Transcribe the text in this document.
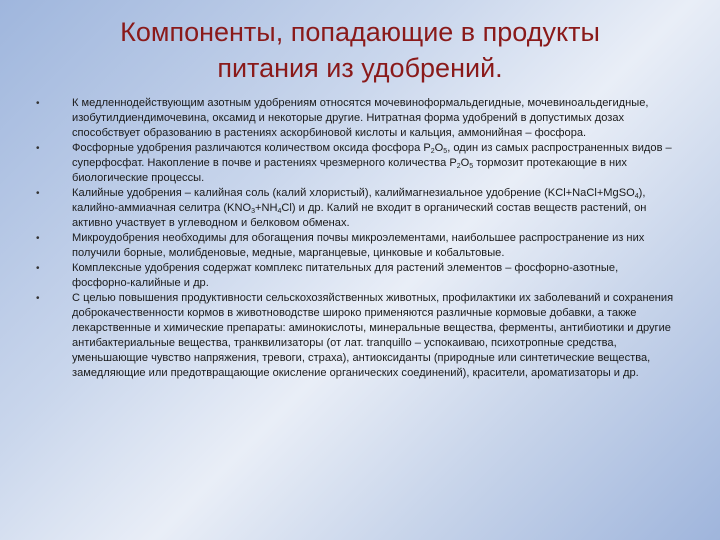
Компоненты, попадающие в продукты
питания из удобрений.
•	К медленнодействующим азотным удобрениям относятся мочевиноформальдегидные, мочевиноальдегидные, изобутилдиендимочевина, оксамид и некоторые другие. Нитратная форма удобрений в допустимых дозах способствует образованию в растениях аскорбиновой кислоты и кальция, аммонийная – фосфора.
•	Фосфорные удобрения различаются количеством оксида фосфора $P_2O_5$, один из самых распространенных видов – суперфосфат. Накопление в почве и растениях чрезмерного количества $P_2O_5$ тормозит протекающие в них биологические процессы.
•	Калийные удобрения – калийная соль (калий хлористый), калиймагнезиальное удобрение (KCl+NaCl+MgSO$_4$), калийно-аммиачная селитра $(KNO_3+NH_4Cl)$ и др. Калий не входит в органический состав веществ растений, он активно участвует в углеводном и белковом обменах.
•	Микроудобрения необходимы для обогащения почвы микроэлементами, наибольшее распространение из них получили борные, молибденовые, медные, марганцевые, цинковые и кобальтовые.
•	Комплексные удобрения содержат комплекс питательных для растений элементов – фосфорно-азотные, фосфорно-калийные и др.
•	С целью повышения продуктивности сельскохозяйственных животных, профилактики их заболеваний и сохранения доброкачественности кормов в животноводстве широко применяются различные кормовые добавки, а также лекарственные и химические препараты: аминокислоты, минеральные вещества, ферменты, антибиотики и другие антибактериальные вещества, транквилизаторы (от лат. tranquillo – успокаиваю, психотропные средства, уменьшающие чувство напряжения, тревоги, страха), антиоксиданты (природные или синтетические вещества, замедляющие или предотвращающие окисление органических соединений), красители, ароматизаторы и др.
